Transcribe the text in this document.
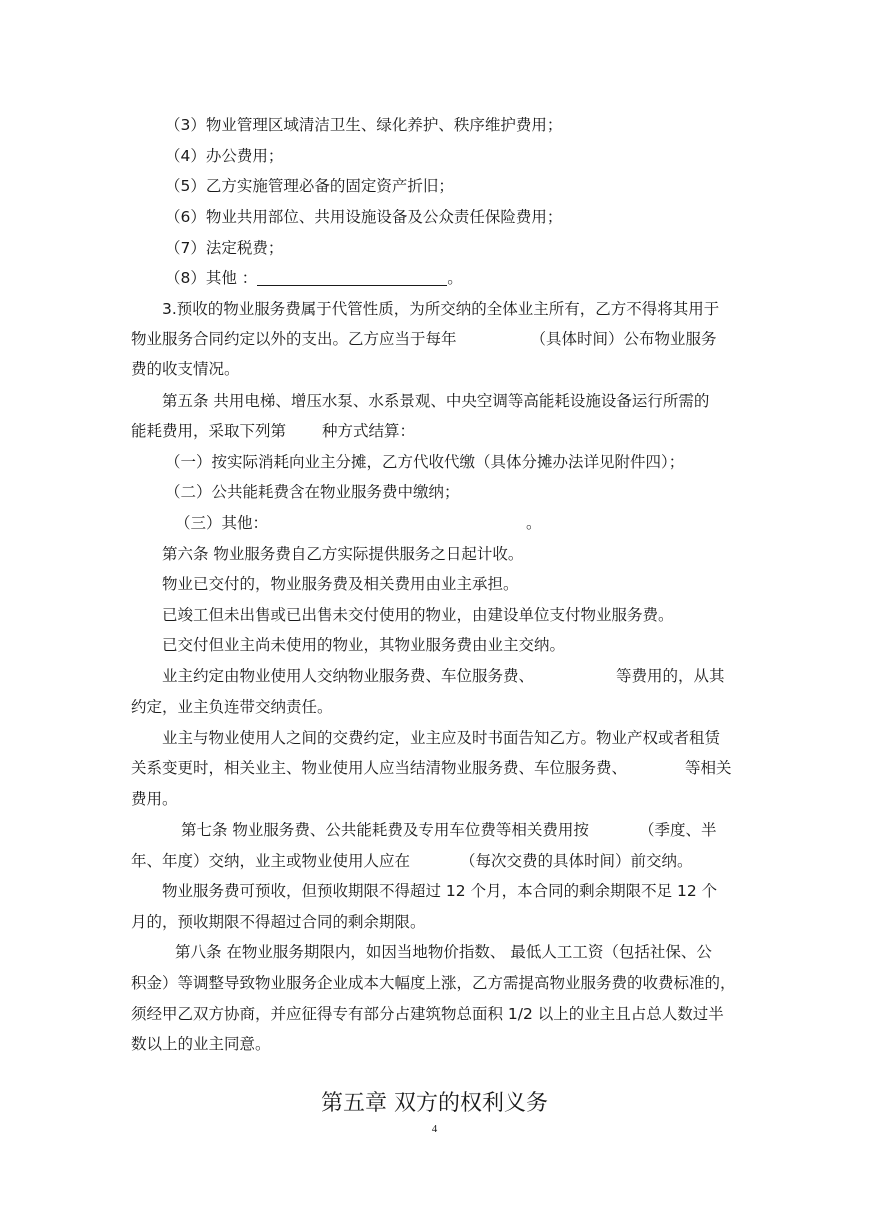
（3）物业管理区域清洁卫生、绿化养护、秩序维护费用；
（4）办公费用；
（5）乙方实施管理必备的固定资产折旧；
（6）物业共用部位、共用设施设备及公众责任保险费用；
（7）法定税费；
（8）其他 ：	。
3.预收的物业服务费属于代管性质，为所交纳的全体业主所有，乙方不得将其用于
物业服务合同约定以外的支出。乙方应当于每年	（具体时间）公布物业服务
费的收支情况。
第五条 共用电梯、增压水泵、水系景观、中央空调等高能耗设施设备运行所需的
能耗费用，采取下列第 种方式结算：
（一）按实际消耗向业主分摊，乙方代收代缴（具体分摊办法详见附件四）；
（二）公共能耗费含在物业服务费中缴纳；
（三）其他：	。
第六条 物业服务费自乙方实际提供服务之日起计收。
物业已交付的，物业服务费及相关费用由业主承担。
已竣工但未出售或已出售未交付使用的物业，由建设单位支付物业服务费。
已交付但业主尚未使用的物业，其物业服务费由业主交纳。
业主约定由物业使用人交纳物业服务费、车位服务费、	等费用的，从其
约定，业主负连带交纳责任。
业主与物业使用人之间的交费约定，业主应及时书面告知乙方。物业产权或者租赁
关系变更时，相关业主、物业使用人应当结清物业服务费、车位服务费、	等相关
费用。
第七条 物业服务费、公共能耗费及专用车位费等相关费用按	（季度、半
年、年度）交纳，业主或物业使用人应在	（每次交费的具体时间）前交纳。
物业服务费可预收，但预收期限不得超过 12 个月，本合同的剩余期限不足 12 个
月的，预收期限不得超过合同的剩余期限。
第八条 在物业服务期限内，如因当地物价指数、 最低人工工资（包括社保、公
积金）等调整导致物业服务企业成本大幅度上涨，乙方需提高物业服务费的收费标准的，
须经甲乙双方协商，并应征得专有部分占建筑物总面积 1/2 以上的业主且占总人数过半
数以上的业主同意。
第五章 双方的权利义务
4
